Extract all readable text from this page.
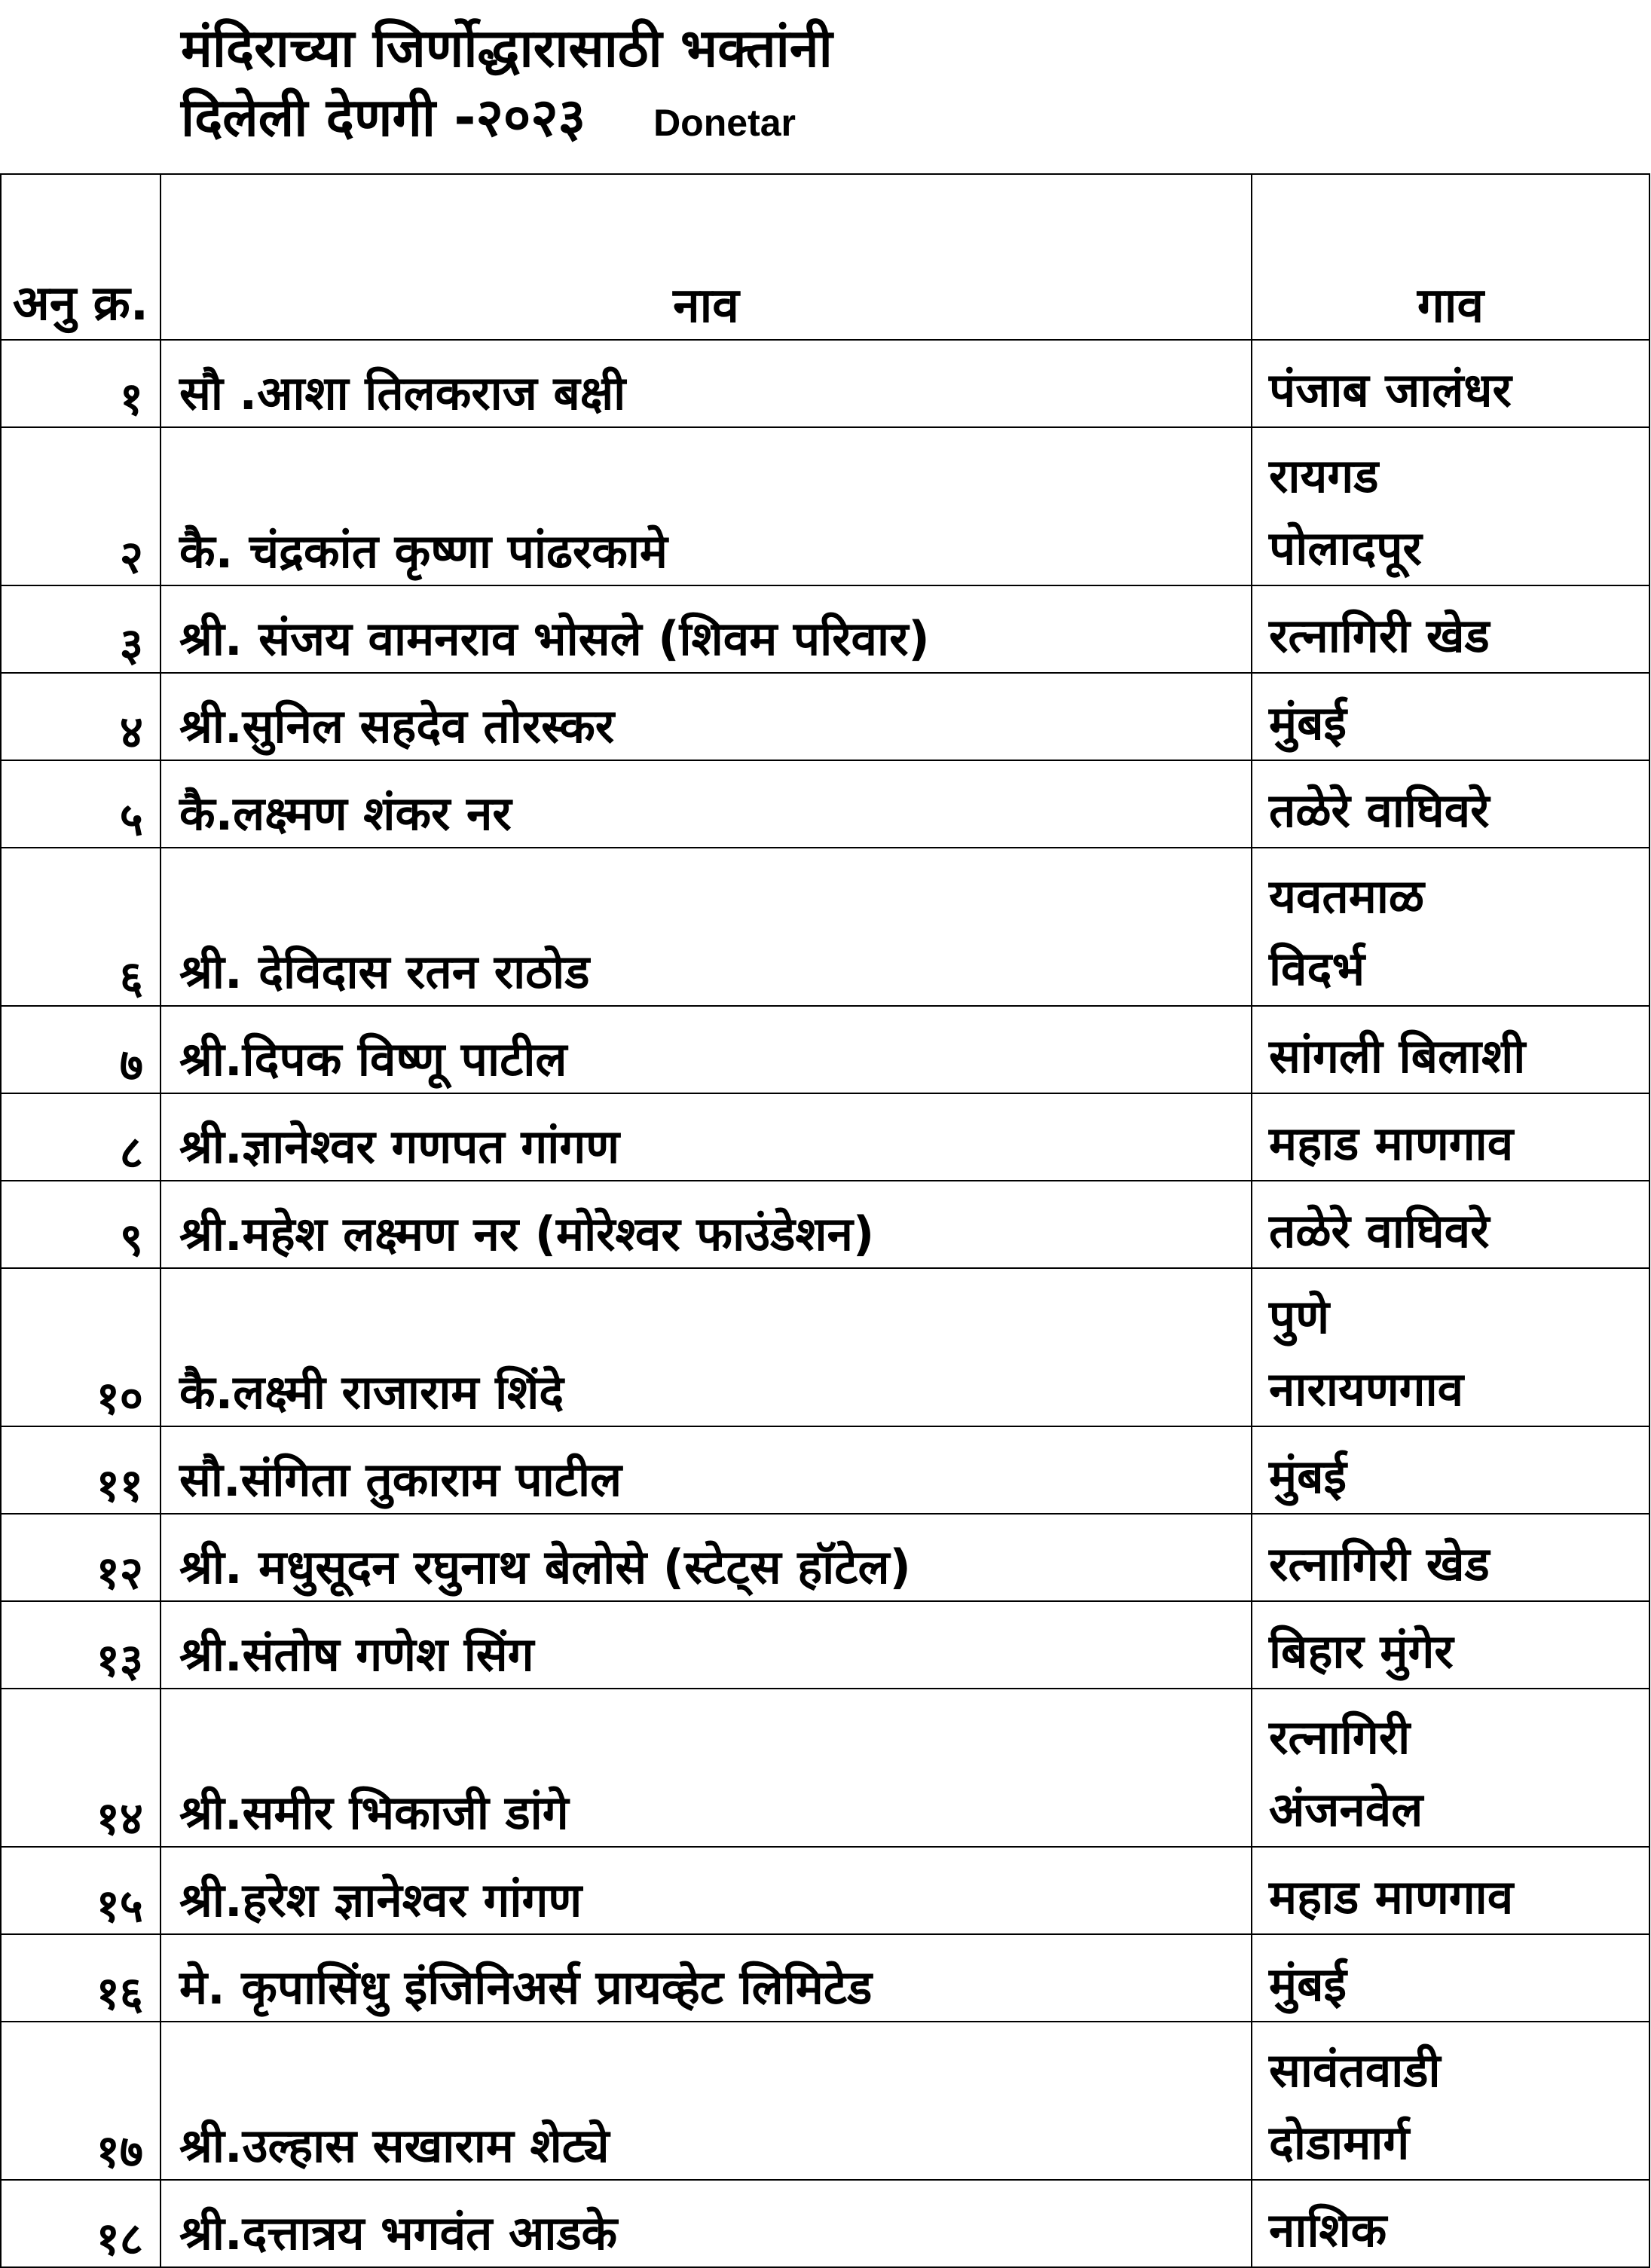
मंदिराच्या जिर्णोद्धारासाठी भक्तांनी
दिलेली देणगी -२०२३ Donetar
अनु क्र.	नाव	गाव
१	सौ .आशा तिलकराज बक्षी	पंजाब जालंधर

२	कै. चंद्रकांत कृष्णा पांढरकामे	रायगड
पोलादपूर

३	श्री. संजय वामनराव भोसले (शिवम परिवार)	रत्नागिरी खेड

४	श्री.सुनिल सहदेव तोरस्कर	मुंबई

५	कै.लक्ष्मण शंकर नर	तळेरे वाघिवरे

६	श्री. देविदास रतन राठोड	यवतमाळ
विदर्भ

७	श्री.दिपक विष्णू पाटील	सांगली बिलाशी

८	श्री.ज्ञानेश्वर गणपत गांगण	महाड माणगाव

९	श्री.महेश लक्ष्मण नर (मोरेश्वर फाउंडेशन)	तळेरे वाघिवरे

१०	कै.लक्ष्मी राजाराम शिंदे	पुणे
नारायणगाव

११	सौ.संगिता तुकाराम पाटील	मुंबई

१२	श्री. मधुसूदन रघुनाथ बेलोसे (स्टेट्स हॉटेल)	रत्नागिरी खेड

१३	श्री.संतोष गणेश सिंग	बिहार मुंगेर

१४	श्री.समीर भिकाजी डांगे	रत्नागिरी
अंजनवेल

१५	श्री.हरेश ज्ञानेश्वर गांगण	महाड माणगाव

१६	मे. कृपासिंधु इंजिनिअर्स प्रायव्हेट लिमिटेड	मुंबई

१७	श्री.उल्हास सखाराम शेट्ये	सावंतवाडी
दोडामार्ग

१८	श्री.दत्तात्रय भगवंत आडके	नाशिक
